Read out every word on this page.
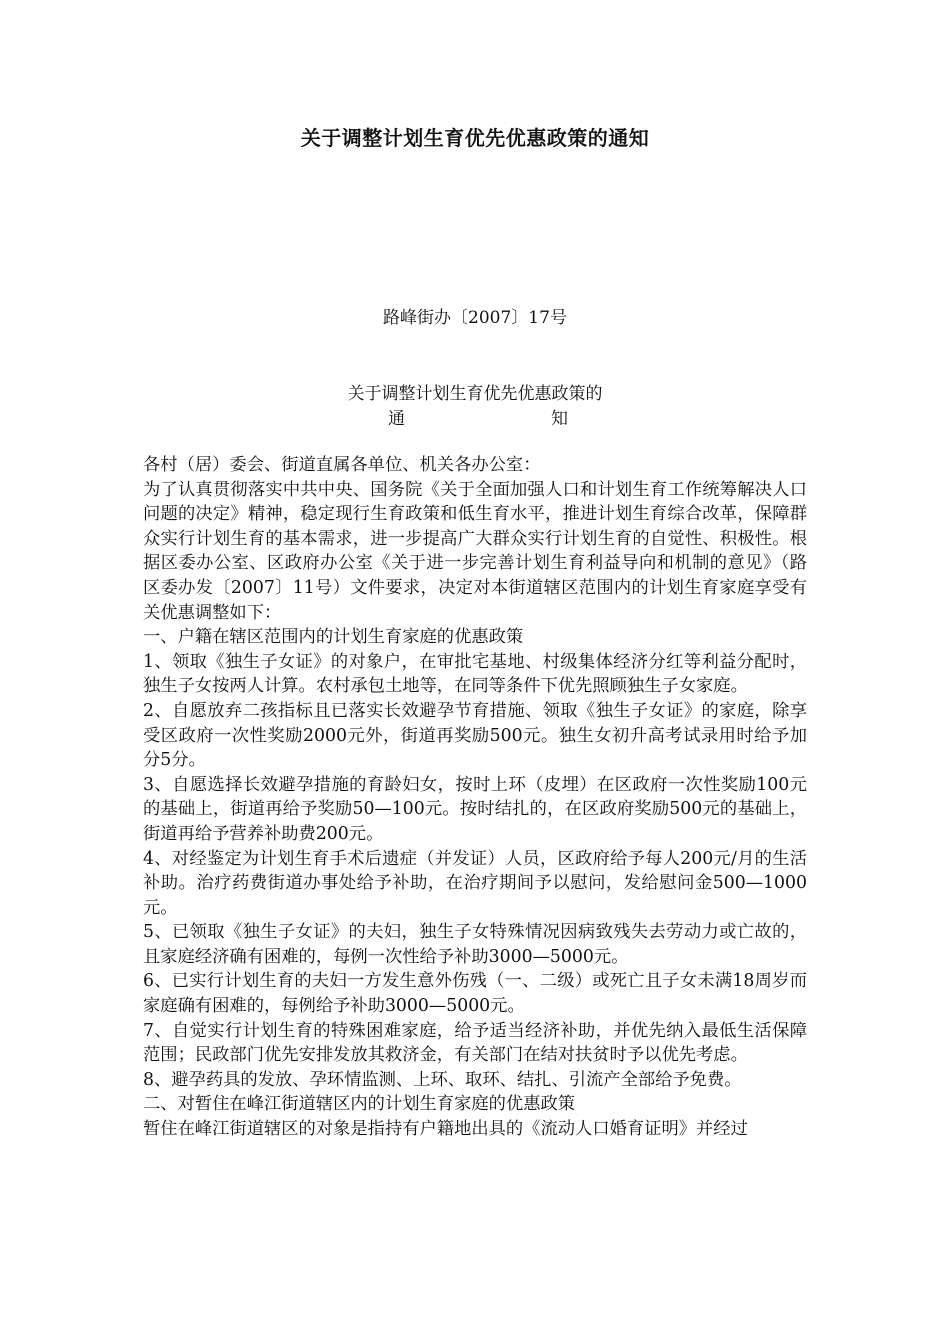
关于调整计划生育优先优惠政策的通知
路峰街办〔2007〕17号
关于调整计划生育优先优惠政策的
通	知

各村（居）委会、街道直属各单位、机关各办公室：

为了认真贯彻落实中共中央、国务院《关于全面加强人口和计划生育工作统筹解决人口问题的决定》精神，稳定现行生育政策和低生育水平，推进计划生育综合改革，保障群众实行计划生育的基本需求，进一步提高广大群众实行计划生育的自觉性、积极性。根据区委办公室、区政府办公室《关于进一步完善计划生育利益导向和机制的意见》（路区委办发〔2007〕11号）文件要求，决定对本街道辖区范围内的计划生育家庭享受有关优惠调整如下：

一、户籍在辖区范围内的计划生育家庭的优惠政策

1、领取《独生子女证》的对象户，在审批宅基地、村级集体经济分红等利益分配时，独生子女按两人计算。农村承包土地等，在同等条件下优先照顾独生子女家庭。

2、自愿放弃二孩指标且已落实长效避孕节育措施、领取《独生子女证》的家庭，除享受区政府一次性奖励2000元外，街道再奖励500元。独生女初升高考试录用时给予加分5分。

3、自愿选择长效避孕措施的育龄妇女，按时上环（皮埋）在区政府一次性奖励100元的基础上，街道再给予奖励50—100元。按时结扎的，在区政府奖励500元的基础上，街道再给予营养补助费200元。

4、对经鉴定为计划生育手术后遗症（并发证）人员，区政府给予每人200元/月的生活补助。治疗药费街道办事处给予补助，在治疗期间予以慰问，发给慰问金500—1000元。

5、已领取《独生子女证》的夫妇，独生子女特殊情况因病致残失去劳动力或亡故的，且家庭经济确有困难的，每例一次性给予补助3000—5000元。

6、已实行计划生育的夫妇一方发生意外伤残（一、二级）或死亡且子女未满18周岁而家庭确有困难的，每例给予补助3000—5000元。

7、自觉实行计划生育的特殊困难家庭，给予适当经济补助，并优先纳入最低生活保障范围；民政部门优先安排发放其救济金，有关部门在结对扶贫时予以优先考虑。

8、避孕药具的发放、孕环情监测、上环、取环、结扎、引流产全部给予免费。

二、对暂住在峰江街道辖区内的计划生育家庭的优惠政策

暂住在峰江街道辖区的对象是指持有户籍地出具的《流动人口婚育证明》并经过
